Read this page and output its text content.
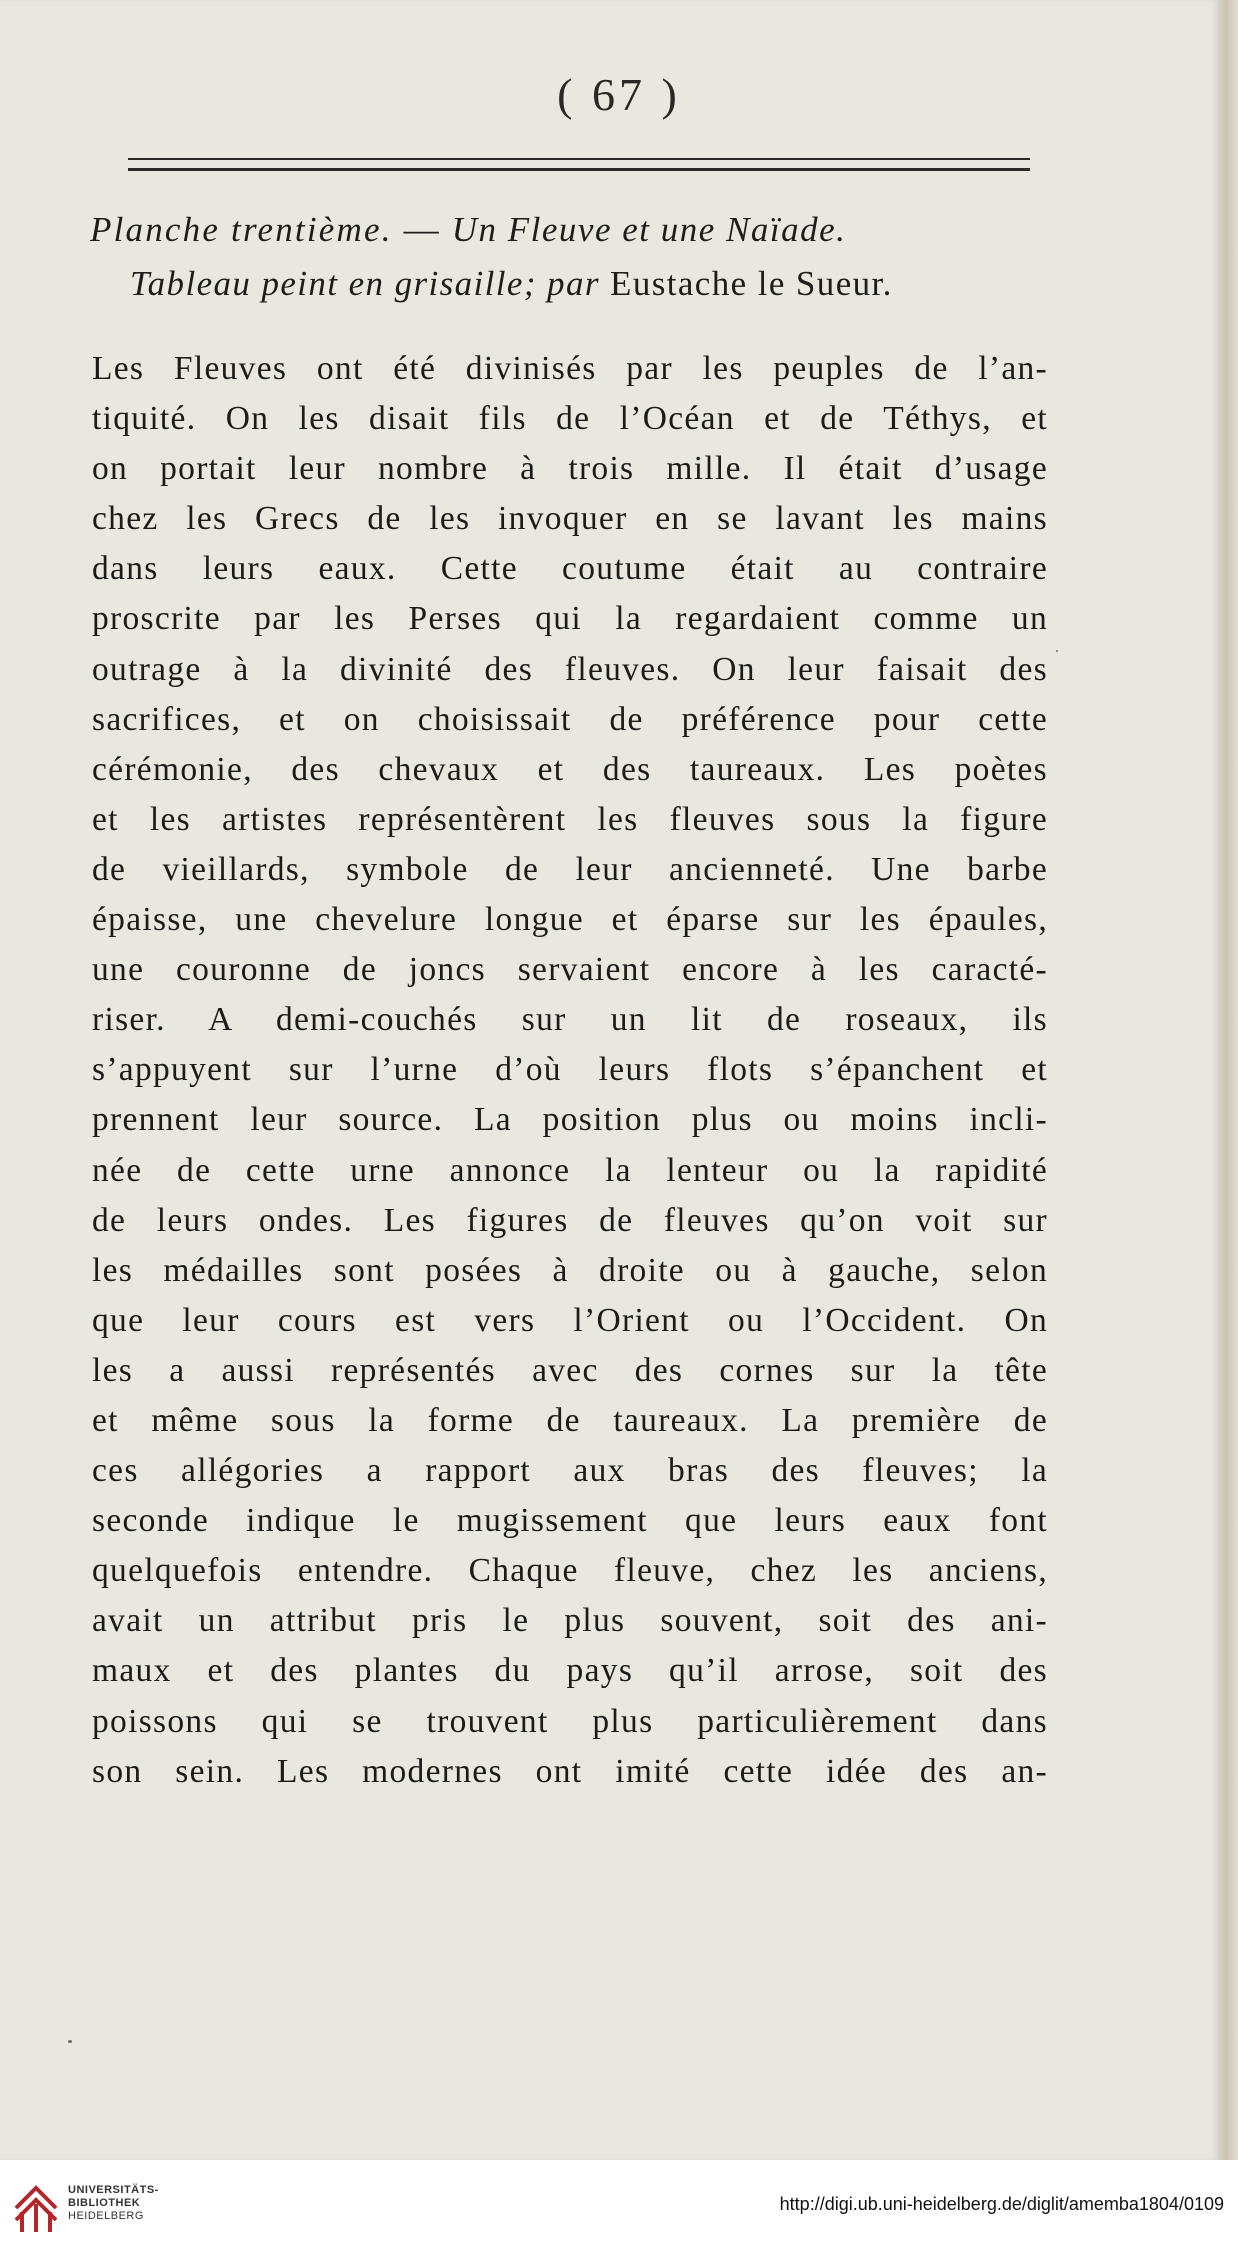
( 67 )
Planche trentième. — Un Fleuve et une Naïade.
Tableau peint en grisaille; par Eustache le Sueur.
Les Fleuves ont été divinisés par les peuples de l’an-
tiquité. On les disait fils de l’Océan et de Téthys, et
on portait leur nombre à trois mille. Il était d’usage
chez les Grecs de les invoquer en se lavant les mains
dans leurs eaux. Cette coutume était au contraire
proscrite par les Perses qui la regardaient comme un
outrage à la divinité des fleuves. On leur faisait des
sacrifices, et on choisissait de préférence pour cette
cérémonie, des chevaux et des taureaux. Les poètes
et les artistes représentèrent les fleuves sous la figure
de vieillards, symbole de leur ancienneté. Une barbe
épaisse, une chevelure longue et éparse sur les épaules,
une couronne de joncs servaient encore à les caracté-
riser. A demi-couchés sur un lit de roseaux, ils
s’appuyent sur l’urne d’où leurs flots s’épanchent et
prennent leur source. La position plus ou moins incli-
née de cette urne annonce la lenteur ou la rapidité
de leurs ondes. Les figures de fleuves qu’on voit sur
les médailles sont posées à droite ou à gauche, selon
que leur cours est vers l’Orient ou l’Occident. On
les a aussi représentés avec des cornes sur la tête
et même sous la forme de taureaux. La première de
ces allégories a rapport aux bras des fleuves; la
seconde indique le mugissement que leurs eaux font
quelquefois entendre. Chaque fleuve, chez les anciens,
avait un attribut pris le plus souvent, soit des ani-
maux et des plantes du pays qu’il arrose, soit des
poissons qui se trouvent plus particulièrement dans
son sein. Les modernes ont imité cette idée des an-
UNIVERSITÄTS-
BIBLIOTHEK
HEIDELBERG
http://digi.ub.uni-heidelberg.de/diglit/amemba1804/0109
